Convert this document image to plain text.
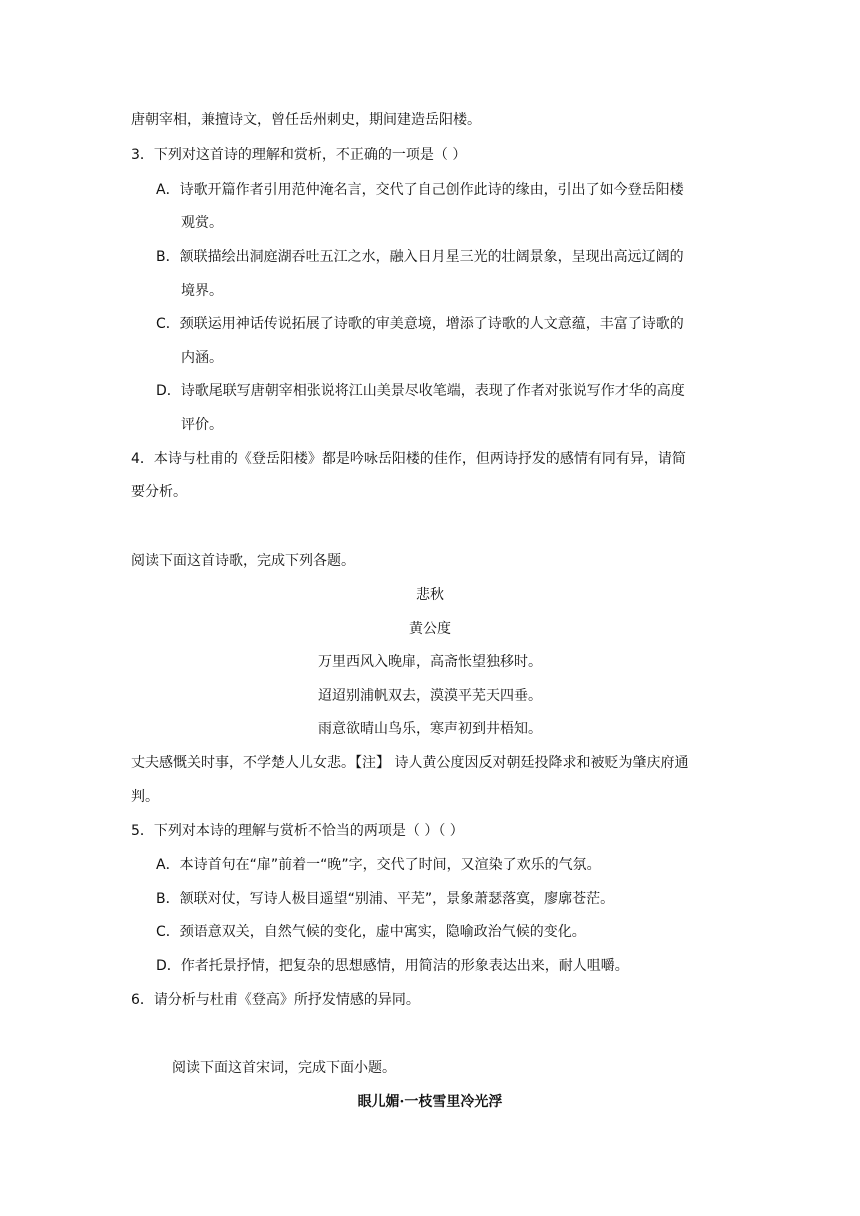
唐朝宰相，兼擅诗文，曾任岳州刺史，期间建造岳阳楼。
3．下列对这首诗的理解和赏析，不正确的一项是（ ）
A．诗歌开篇作者引用范仲淹名言，交代了自己创作此诗的缘由，引出了如今登岳阳楼
观赏。
B．颔联描绘出洞庭湖吞吐五江之水，融入日月星三光的壮阔景象，呈现出高远辽阔的
境界。
C．颈联运用神话传说拓展了诗歌的审美意境，增添了诗歌的人文意蕴，丰富了诗歌的
内涵。
D．诗歌尾联写唐朝宰相张说将江山美景尽收笔端，表现了作者对张说写作才华的高度
评价。
4．本诗与杜甫的《登岳阳楼》都是吟咏岳阳楼的佳作，但两诗抒发的感情有同有异，请简
要分析。
阅读下面这首诗歌，完成下列各题。
悲秋
黄公度
万里西风入晚扉，高斋怅望独移时。
迢迢别浦帆双去，漠漠平芜天四垂。
雨意欲晴山鸟乐，寒声初到井梧知。
丈夫感慨关时事，不学楚人儿女悲。【注】 诗人黄公度因反对朝廷投降求和被贬为肇庆府通
判。
5．下列对本诗的理解与赏析不恰当的两项是（ ）（ ）
A．本诗首句在“扉”前着一“晚”字，交代了时间，又渲染了欢乐的气氛。
B．颔联对仗，写诗人极目遥望“别浦、平芜”，景象萧瑟落寞，廖廓苍茫。
C．颈语意双关，自然气候的变化，虚中寓实，隐喻政治气候的变化。
D．作者托景抒情，把复杂的思想感情，用简洁的形象表达出来，耐人咀嚼。
6．请分析与杜甫《登高》所抒发情感的异同。
阅读下面这首宋词，完成下面小题。
眼儿媚·一枝雪里冷光浮
